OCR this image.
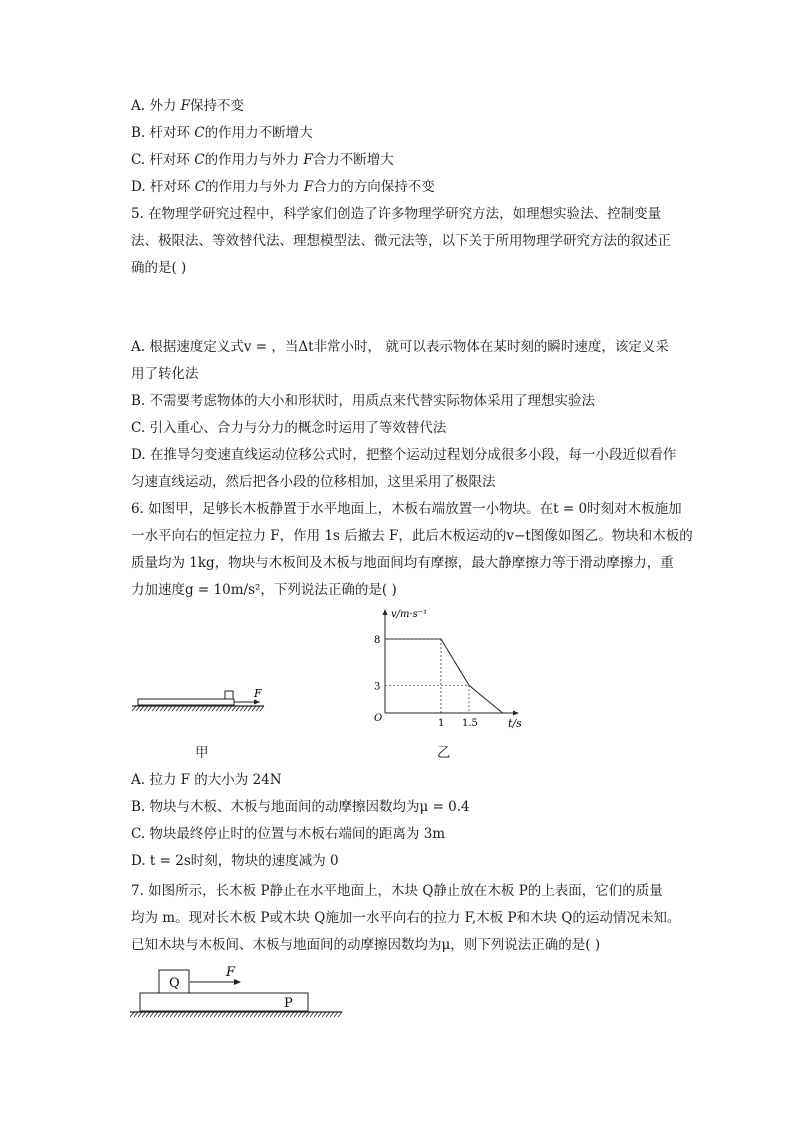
A. 外力 F保持不变
B. 杆对环 C的作用力不断增大
C. 杆对环 C的作用力与外力 F合力不断增大
D. 杆对环 C的作用力与外力 F合力的方向保持不变
5. 在物理学研究过程中，科学家们创造了许多物理学研究方法，如理想实验法、控制变量
法、极限法、等效替代法、理想模型法、微元法等，以下关于所用物理学研究方法的叙述正
确的是( )
A. 根据速度定义式v = ，当Δt非常小时， 就可以表示物体在某时刻的瞬时速度，该定义采
用了转化法
B. 不需要考虑物体的大小和形状时，用质点来代替实际物体采用了理想实验法
C. 引入重心、合力与分力的概念时运用了等效替代法
D. 在推导匀变速直线运动位移公式时，把整个运动过程划分成很多小段，每一小段近似看作
匀速直线运动，然后把各小段的位移相加，这里采用了极限法
6. 如图甲，足够长木板静置于水平地面上，木板右端放置一小物块。在t = 0时刻对木板施加
一水平向右的恒定拉力 F，作用 1s 后撤去 F，此后木板运动的v−t图像如图乙。物块和木板的
质量均为 1kg，物块与木板间及木板与地面间均有摩擦，最大静摩擦力等于滑动摩擦力，重
力加速度g = 10m/s²，下列说法正确的是( )
F
甲
v/m·s⁻¹
t/s
O
8
3
1 1.5
乙
A. 拉力 F 的大小为 24N
B. 物块与木板、木板与地面间的动摩擦因数均为μ = 0.4
C. 物块最终停止时的位置与木板右端间的距离为 3m
D. t = 2s时刻，物块的速度减为 0
7. 如图所示，长木板 P静止在水平地面上，木块 Q静止放在木板 P的上表面，它们的质量
均为 m。现对长木板 P或木块 Q施加一水平向右的拉力 F,木板 P和木块 Q的运动情况未知。
已知木块与木板间、木板与地面间的动摩擦因数均为μ，则下列说法正确的是( )
Q
P
F
